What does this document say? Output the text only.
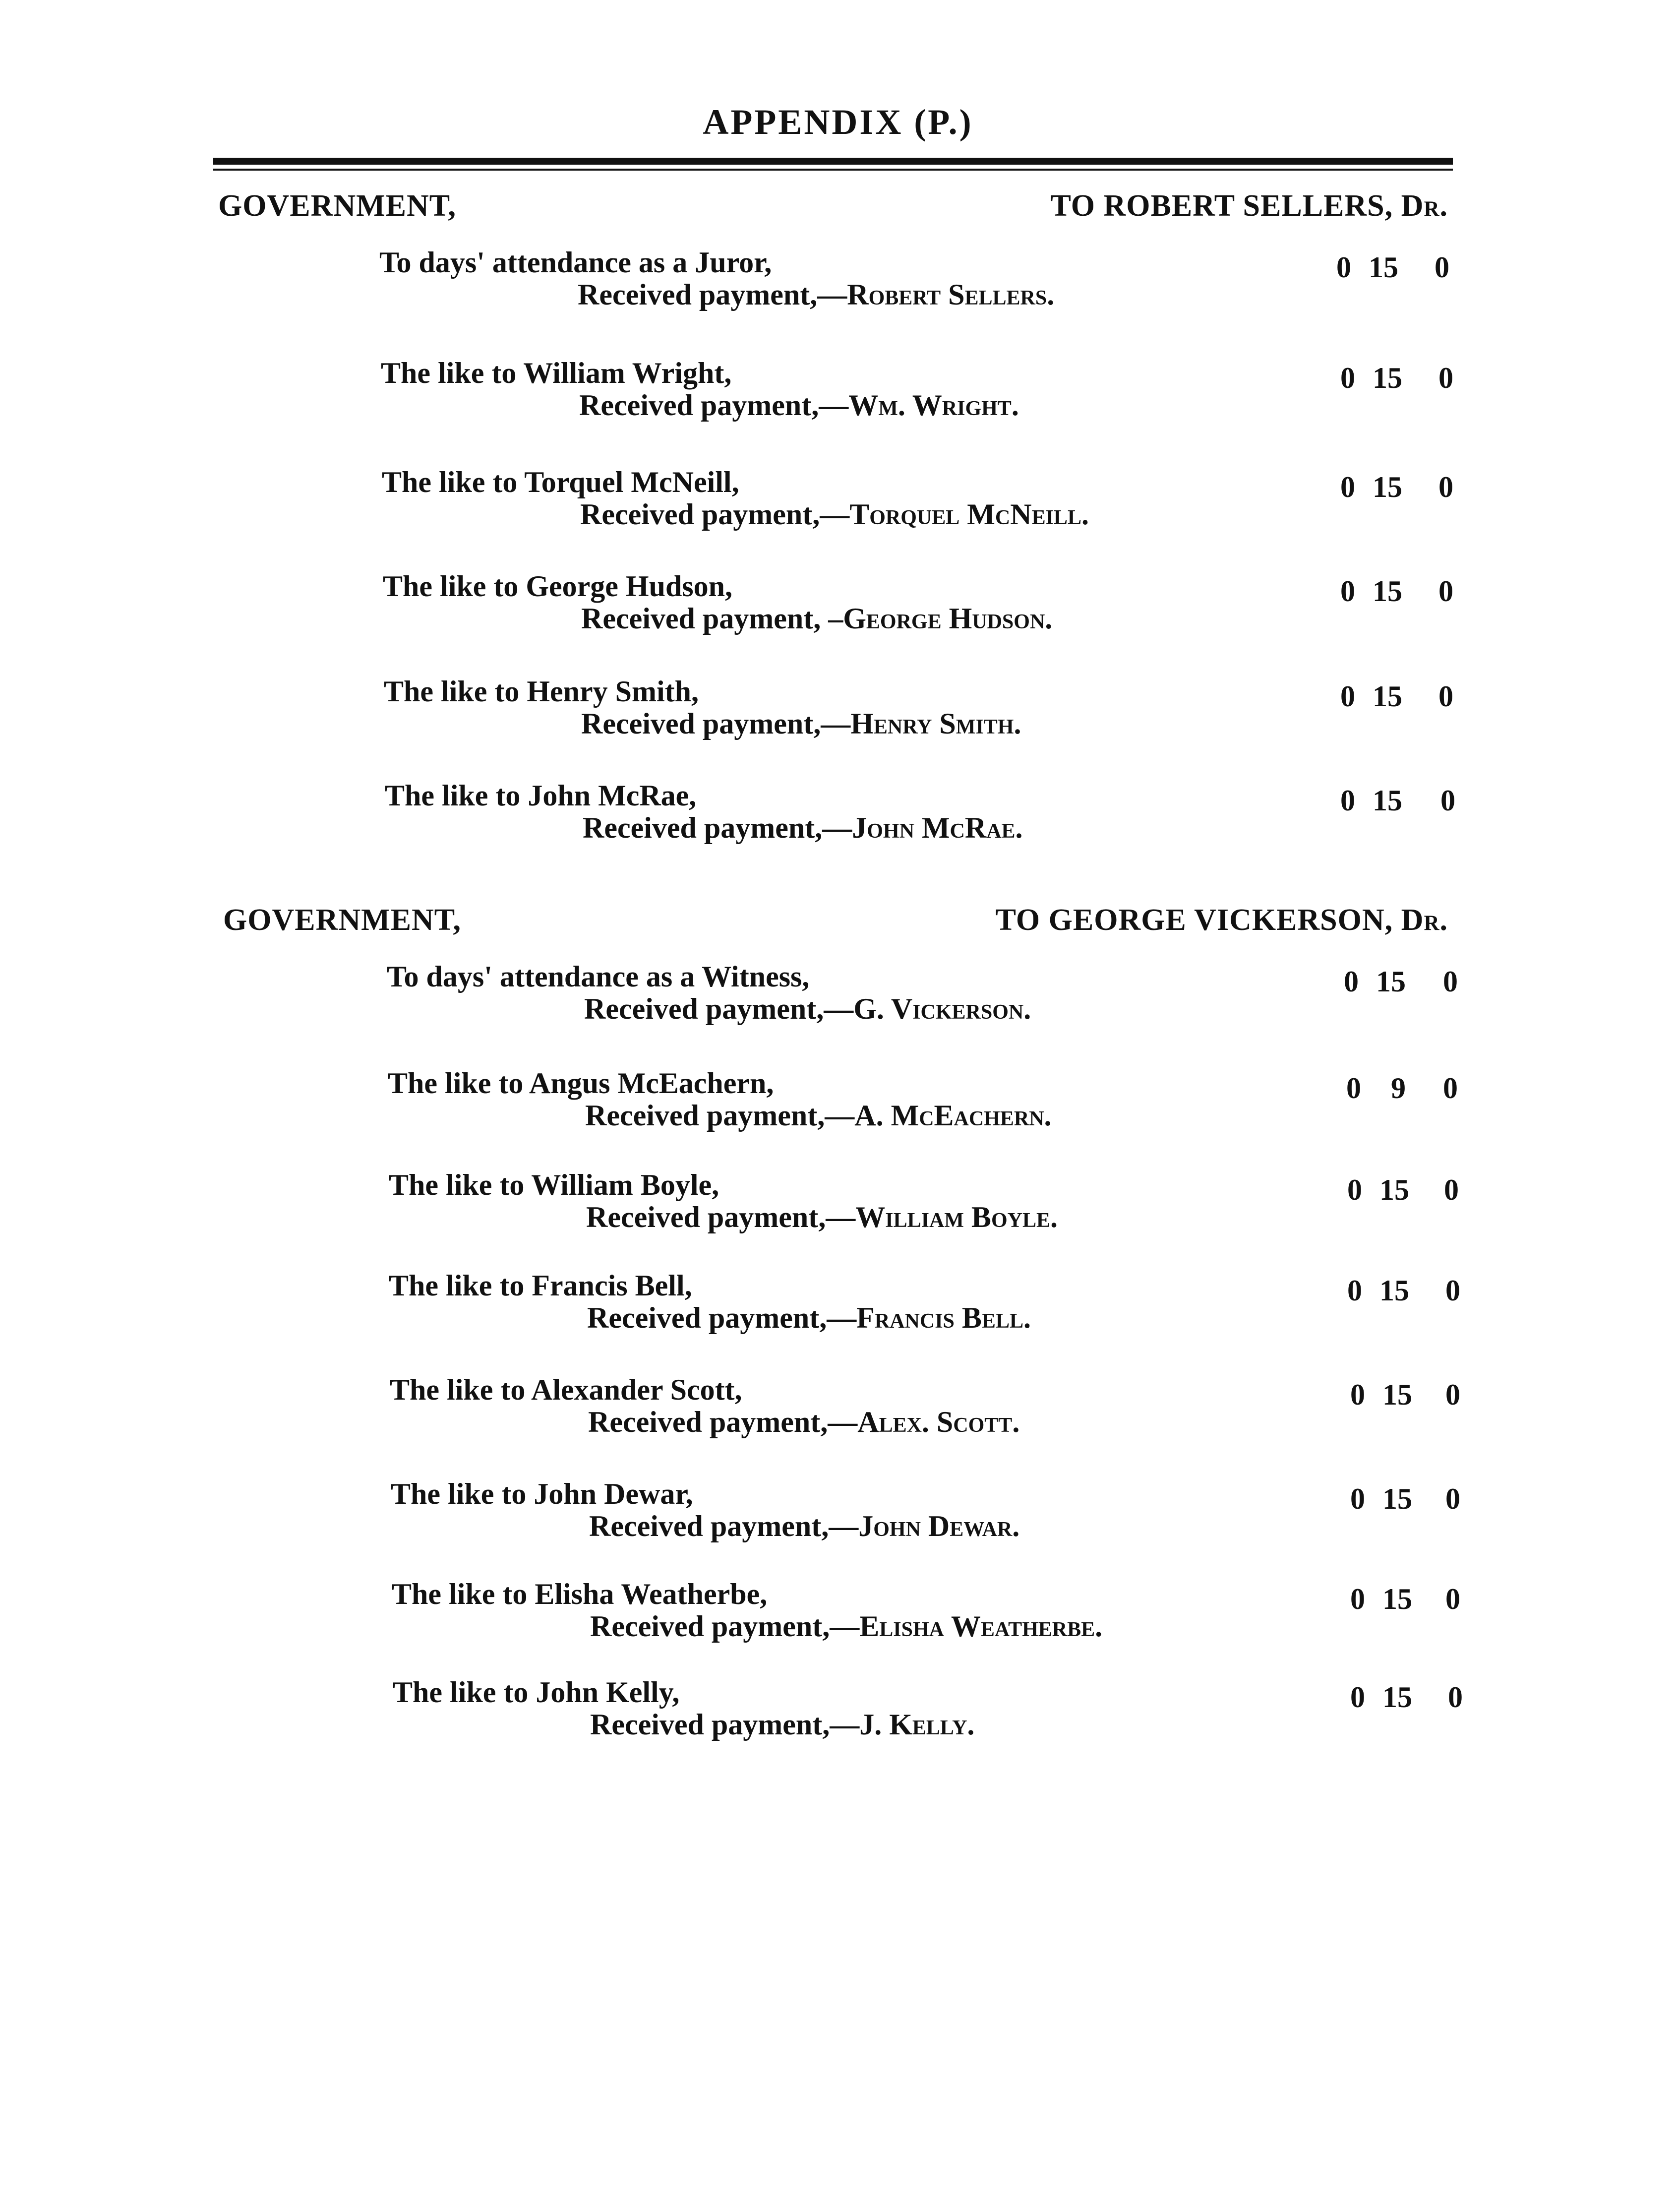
APPENDIX (P.)
GOVERNMENT,	TO ROBERT SELLERS, Dr.
To days' attendance as a Juror,
Received payment,—Robert Sellers.
0 15 0
The like to William Wright,
Received payment,—Wm. Wright.
0 15 0
The like to Torquel McNeill,
Received payment,—Torquel McNeill.
0 15 0
The like to George Hudson,
Received payment, –George Hudson.
0 15 0
The like to Henry Smith,
Received payment,—Henry Smith.
0 15 0
The like to John McRae,
Received payment,—John McRae.
0 15 0
GOVERNMENT,	TO GEORGE VICKERSON, Dr.
To days' attendance as a Witness,
Received payment,—G. Vickerson.
0 15 0
The like to Angus McEachern,
Received payment,—A. McEachern.
0	9	0
The like to William Boyle,
Received payment,—William Boyle.
0 15 0
The like to Francis Bell,
Received payment,—Francis Bell.
0 15 0
The like to Alexander Scott,
Received payment,—Alex. Scott.
0 15 0
The like to John Dewar,
Received payment,—John Dewar.
0 15 0
The like to Elisha Weatherbe,
Received payment,—Elisha Weatherbe.
0 15 0
The like to John Kelly,
Received payment,—J. Kelly.
0 15 0
